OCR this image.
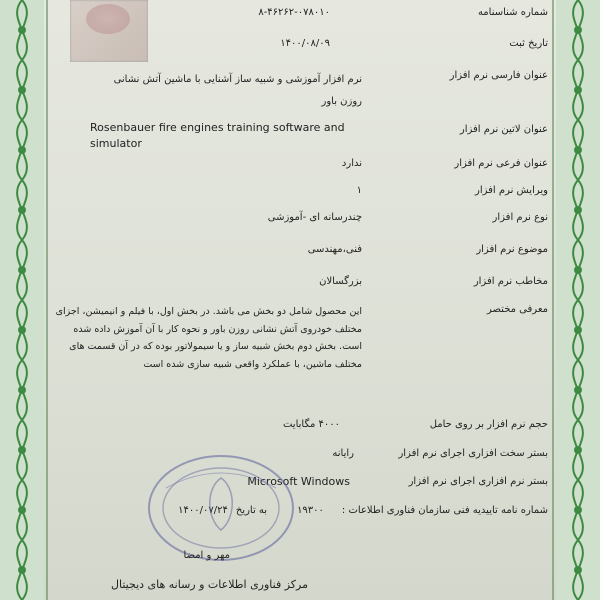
شماره شناسنامه
۸-۴۶۲۶۲-۰۷۸۰۱۰
تاریخ ثبت
۱۴۰۰/۰۸/۰۹
عنوان فارسی نرم افزار
نرم افزار آموزشی و شبیه ساز آشنایی با ماشین آتش نشانی روزن باور
عنوان لاتین نرم افزار
Rosenbauer fire engines training software and simulator
عنوان فرعی نرم افزار
ندارد
ویرایش نرم افزار
۱
نوع نرم افزار
چندرسانه ای -آموزشی
موضوع نرم افزار
فنی،مهندسی
مخاطب نرم افزار
بزرگسالان
معرفی مختصر
این محصول شامل دو بخش می باشد. در بخش اول، با فیلم و انیمیشن، اجزای مختلف خودروی آتش نشانی روزن باور و نحوه کار با آن آموزش داده شده است. بخش دوم بخش شبیه ساز و یا سیمولاتور بوده که در آن قسمت های مختلف ماشین، با عملکرد واقعی شبیه سازی شده است
حجم نرم افزار بر روی حامل
۴۰۰۰ مگابایت
بستر سخت افزاری اجرای نرم افزار
رایانه
بستر نرم افزاری اجرای نرم افزار
Microsoft Windows
شماره نامه تاییدیه فنی سازمان فناوری اطلاعات :
۱۹۳۰۰
به تاریخ
۱۴۰۰/۰۷/۲۴
مهر و امضا
مرکز فناوری اطلاعات و رسانه های دیجیتال
